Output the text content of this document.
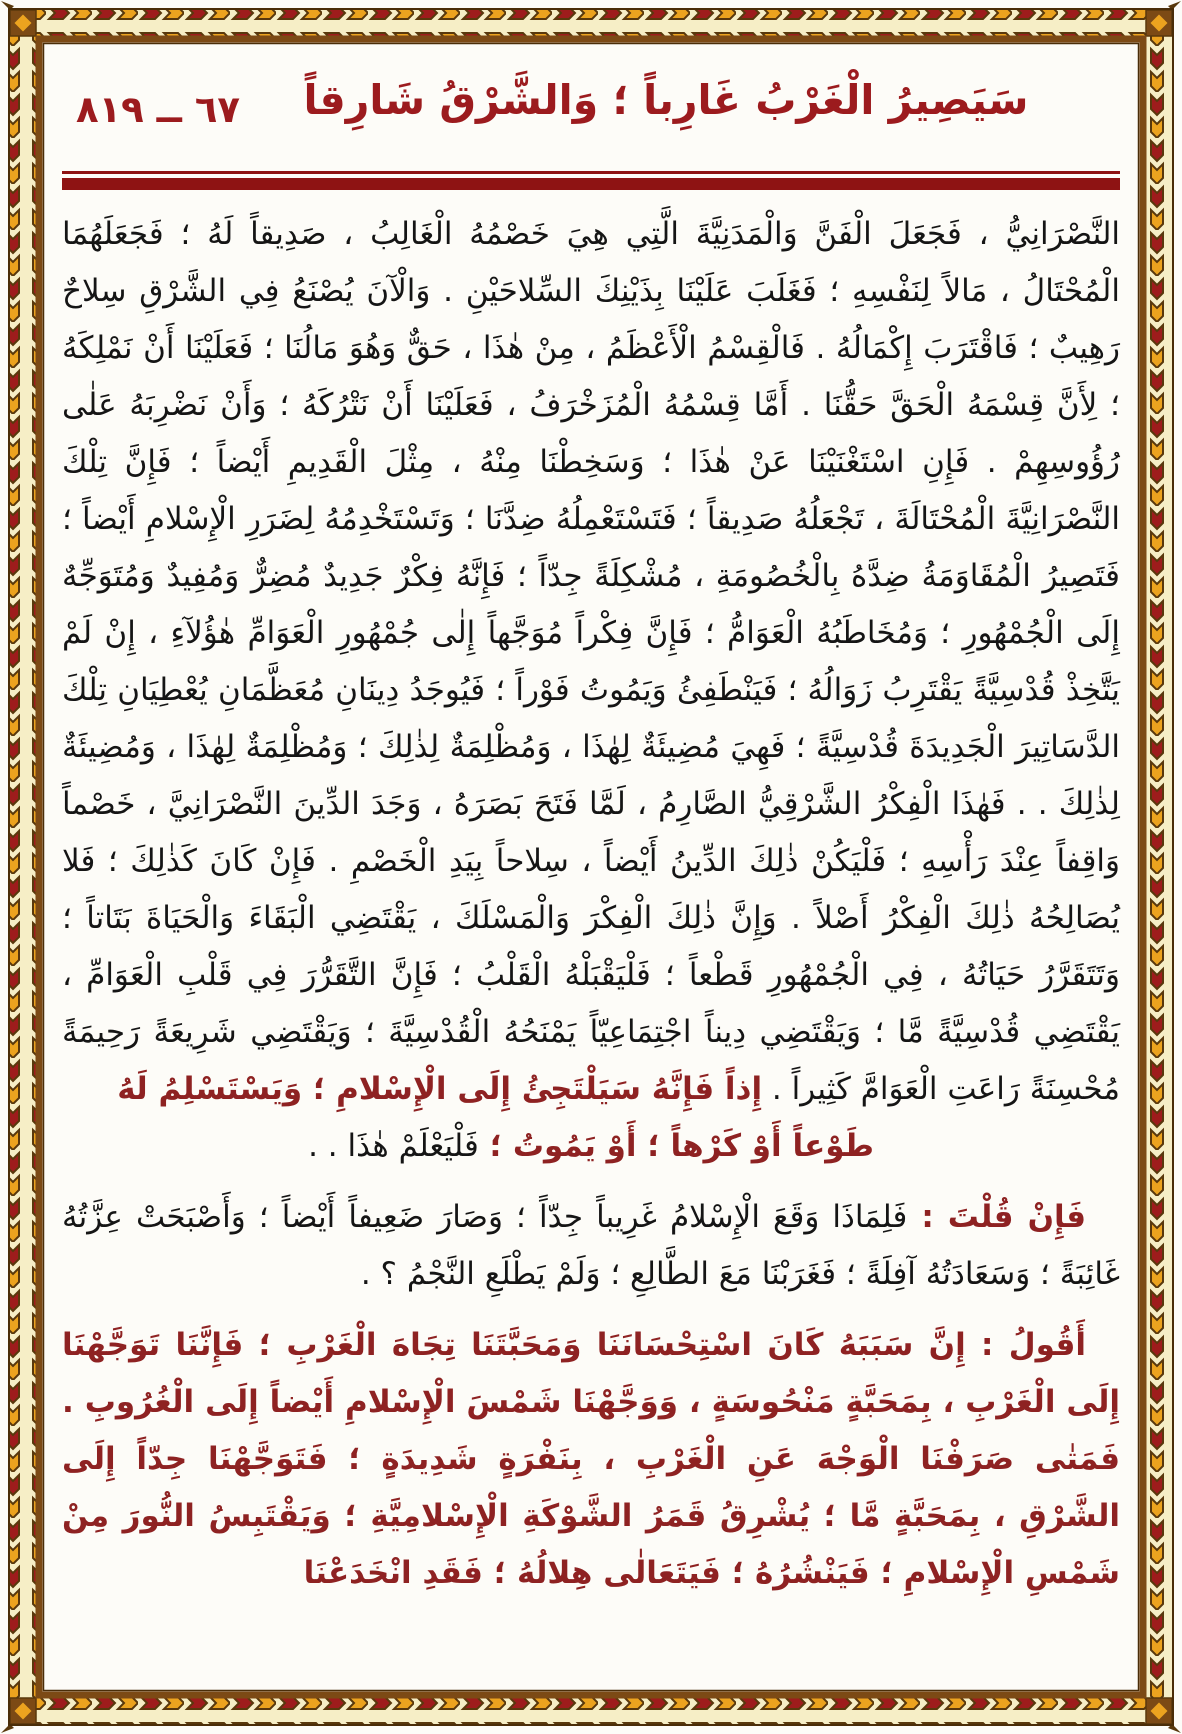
٦٧ ــ ٨١٩	سَيَصِيرُ الْغَرْبُ غَارِباً ؛ وَالشَّرْقُ شَارِقاً

النَّصْرَانِيُّ ، فَجَعَلَ الْفَنَّ وَالْمَدَنِيَّةَ الَّتِي هِيَ خَصْمُهُ الْغَالِبُ ، صَدِيقاً لَهُ ؛ فَجَعَلَهُمَا الْمُحْتَالُ ، مَالاً لِنَفْسِهِ ؛ فَغَلَبَ عَلَيْنَا بِذَيْنِكَ السِّلاحَيْنِ . وَالْآنَ يُصْنَعُ فِي الشَّرْقِ سِلاحٌ رَهِيبٌ ؛ فَاقْتَرَبَ إِكْمَالُهُ . فَالْقِسْمُ الْأَعْظَمُ ، مِنْ هٰذَا ، حَقٌّ وَهُوَ مَالُنَا ؛ فَعَلَيْنَا أَنْ نَمْلِكَهُ ؛ لِأَنَّ قِسْمَهُ الْحَقَّ حَقُّنَا . أَمَّا قِسْمُهُ الْمُزَخْرَفُ ، فَعَلَيْنَا أَنْ نَتْرُكَهُ ؛ وَأَنْ نَضْرِبَهُ عَلٰى رُؤُوسِهِمْ . فَإِنِ اسْتَغْنَيْنَا عَنْ هٰذَا ؛ وَسَخِطْنَا مِنْهُ ، مِثْلَ الْقَدِيمِ أَيْضاً ؛ فَإِنَّ تِلْكَ النَّصْرَانِيَّةَ الْمُحْتَالَةَ ، تَجْعَلُهُ صَدِيقاً ؛ فَتَسْتَعْمِلُهُ ضِدَّنَا ؛ وَتَسْتَخْدِمُهُ لِضَرَرِ الْإِسْلامِ أَيْضاً ؛ فَتَصِيرُ الْمُقَاوَمَةُ ضِدَّهُ بِالْخُصُومَةِ ، مُشْكِلَةً جِدّاً ؛ فَإِنَّهُ فِكْرٌ جَدِيدٌ مُضِرٌّ وَمُفِيدٌ وَمُتَوَجِّهٌ إِلَى الْجُمْهُورِ ؛ وَمُخَاطَبُهُ الْعَوَامُّ ؛ فَإِنَّ فِكْراً مُوَجَّهاً إِلٰى جُمْهُورِ الْعَوَامِّ هٰؤُلآءِ ، إِنْ لَمْ يَتَّخِذْ قُدْسِيَّةً يَقْتَرِبُ زَوَالُهُ ؛ فَيَنْطَفِئُ وَيَمُوتُ فَوْراً ؛ فَيُوجَدُ دِينَانِ مُعَظَّمَانِ يُعْطِيَانِ تِلْكَ الدَّسَاتِيرَ الْجَدِيدَةَ قُدْسِيَّةً ؛ فَهِيَ مُضِيئَةٌ لِهٰذَا ، وَمُظْلِمَةٌ لِذٰلِكَ ؛ وَمُظْلِمَةٌ لِهٰذَا ، وَمُضِيئَةٌ لِذٰلِكَ . . فَهٰذَا الْفِكْرُ الشَّرْقِيُّ الصَّارِمُ ، لَمَّا فَتَحَ بَصَرَهُ ، وَجَدَ الدِّينَ النَّصْرَانِيَّ ، خَصْماً وَاقِفاً عِنْدَ رَأْسِهِ ؛ فَلْيَكُنْ ذٰلِكَ الدِّينُ أَيْضاً ، سِلاحاً بِيَدِ الْخَصْمِ . فَإِنْ كَانَ كَذٰلِكَ ؛ فَلا يُصَالِحُهُ ذٰلِكَ الْفِكْرُ أَصْلاً . وَإِنَّ ذٰلِكَ الْفِكْرَ وَالْمَسْلَكَ ، يَقْتَضِي الْبَقَاءَ وَالْحَيَاةَ بَتَاتاً ؛ وَتَتَقَرَّرُ حَيَاتُهُ ، فِي الْجُمْهُورِ قَطْعاً ؛ فَلْيَقْبَلْهُ الْقَلْبُ ؛ فَإِنَّ التَّقَرُّرَ فِي قَلْبِ الْعَوَامِّ ، يَقْتَضِي قُدْسِيَّةً مَّا ؛ وَيَقْتَضِي دِيناً اجْتِمَاعِيّاً يَمْنَحُهُ الْقُدْسِيَّةَ ؛ وَيَقْتَضِي شَرِيعَةً رَحِيمَةً مُحْسِنَةً رَاعَتِ الْعَوَامَّ كَثِيراً . إِذاً فَإِنَّهُ سَيَلْتَجِئُ إِلَى الْإِسْلامِ ؛ وَيَسْتَسْلِمُ لَهُ

طَوْعاً أَوْ كَرْهاً ؛ أَوْ يَمُوتُ ؛ فَلْيَعْلَمْ هٰذَا . .

فَإِنْ قُلْتَ : فَلِمَاذَا وَقَعَ الْإِسْلامُ غَرِيباً جِدّاً ؛ وَصَارَ ضَعِيفاً أَيْضاً ؛ وَأَصْبَحَتْ عِزَّتُهُ غَائِبَةً ؛ وَسَعَادَتُهُ آفِلَةً ؛ فَغَرَبْنَا مَعَ الطَّالِعِ ؛ وَلَمْ يَطْلَعِ النَّجْمُ ؟ .

أَقُولُ : إِنَّ سَبَبَهُ كَانَ اسْتِحْسَانَنَا وَمَحَبَّتَنَا تِجَاهَ الْغَرْبِ ؛ فَإِنَّنَا تَوَجَّهْنَا إِلَى الْغَرْبِ ، بِمَحَبَّةٍ مَنْحُوسَةٍ ، وَوَجَّهْنَا شَمْسَ الْإِسْلامِ أَيْضاً إِلَى الْغُرُوبِ . فَمَتٰى صَرَفْنَا الْوَجْهَ عَنِ الْغَرْبِ ، بِنَفْرَةٍ شَدِيدَةٍ ؛ فَتَوَجَّهْنَا جِدّاً إِلَى الشَّرْقِ ، بِمَحَبَّةٍ مَّا ؛ يُشْرِقُ قَمَرُ الشَّوْكَةِ الْإِسْلامِيَّةِ ؛ وَيَقْتَبِسُ النُّورَ مِنْ شَمْسِ الْإِسْلامِ ؛ فَيَنْشُرُهُ ؛ فَيَتَعَالٰى هِلالُهُ ؛ فَقَدِ انْخَدَعْنَا
